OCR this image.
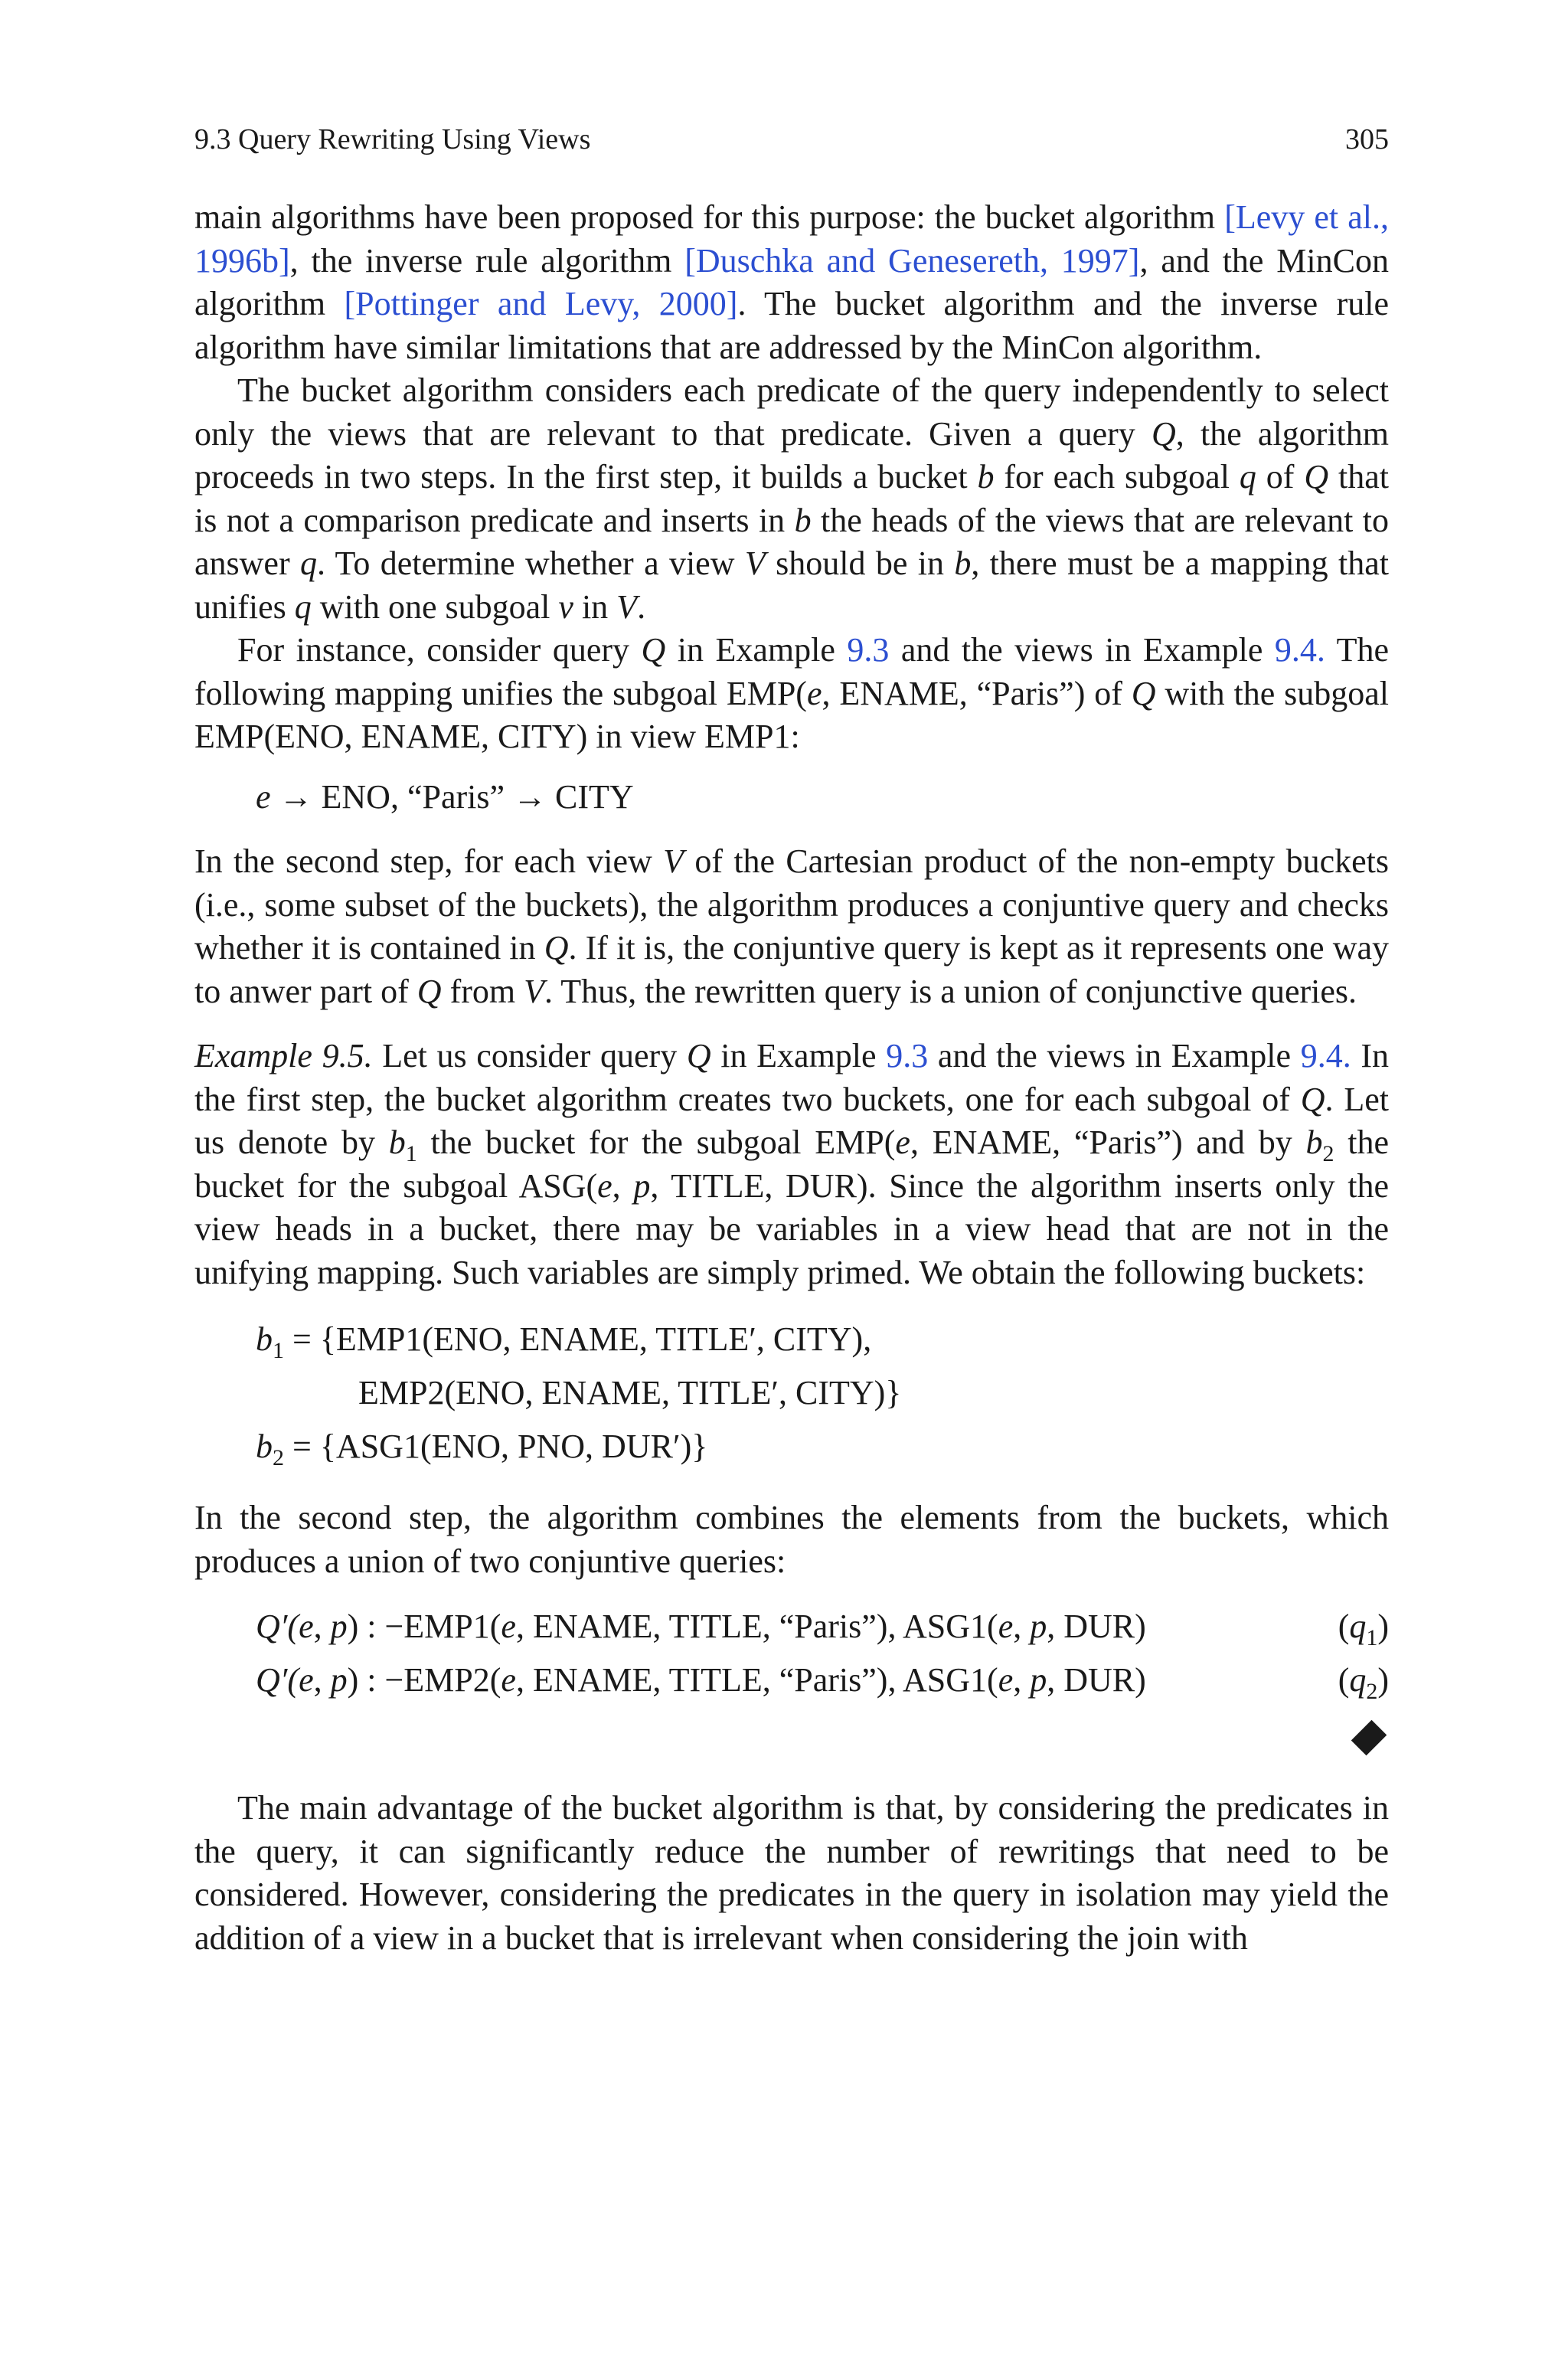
9.3 Query Rewriting Using Views	305

main algorithms have been proposed for this purpose: the bucket algorithm [Levy et al., 1996b], the inverse rule algorithm [Duschka and Genesereth, 1997], and the MinCon algorithm [Pottinger and Levy, 2000]. The bucket algorithm and the inverse rule algorithm have similar limitations that are addressed by the MinCon algorithm.

The bucket algorithm considers each predicate of the query independently to select only the views that are relevant to that predicate. Given a query Q, the algorithm proceeds in two steps. In the first step, it builds a bucket b for each subgoal q of Q that is not a comparison predicate and inserts in b the heads of the views that are relevant to answer q. To determine whether a view V should be in b, there must be a mapping that unifies q with one subgoal v in V.

For instance, consider query Q in Example 9.3 and the views in Example 9.4. The following mapping unifies the subgoal EMP(e, ENAME, “Paris”) of Q with the subgoal EMP(ENO, ENAME, CITY) in view EMP1:

e → ENO, “Paris” → CITY

In the second step, for each view V of the Cartesian product of the non-empty buckets (i.e., some subset of the buckets), the algorithm produces a conjuntive query and checks whether it is contained in Q. If it is, the conjuntive query is kept as it represents one way to anwer part of Q from V. Thus, the rewritten query is a union of conjunctive queries.

Example 9.5. Let us consider query Q in Example 9.3 and the views in Example 9.4. In the first step, the bucket algorithm creates two buckets, one for each subgoal of Q. Let us denote by $b_1$ the bucket for the subgoal EMP(e, ENAME, “Paris”) and by $b_2$ the bucket for the subgoal ASG(e, p, TITLE, DUR). Since the algorithm inserts only the view heads in a bucket, there may be variables in a view head that are not in the unifying mapping. Such variables are simply primed. We obtain the following buckets:

$b_1 = \{EMP1(ENO$, ENAME, TITLE′, CITY),
EMP2(ENO, ENAME, TITLE′, CITY)}
$b_2 = \{ASG1(ENO$, PNO, DUR′)}

In the second step, the algorithm combines the elements from the buckets, which produces a union of two conjuntive queries:

Q′(e, p) : −EMP1(e, ENAME, TITLE, “Paris”), ASG1(e, p, DUR)	$(q_1)$
Q′(e, p) : −EMP2(e, ENAME, TITLE, “Paris”), ASG1(e, p, DUR)	$(q_2)$

The main advantage of the bucket algorithm is that, by considering the predicates in the query, it can significantly reduce the number of rewritings that need to be considered. However, considering the predicates in the query in isolation may yield the addition of a view in a bucket that is irrelevant when considering the join with
